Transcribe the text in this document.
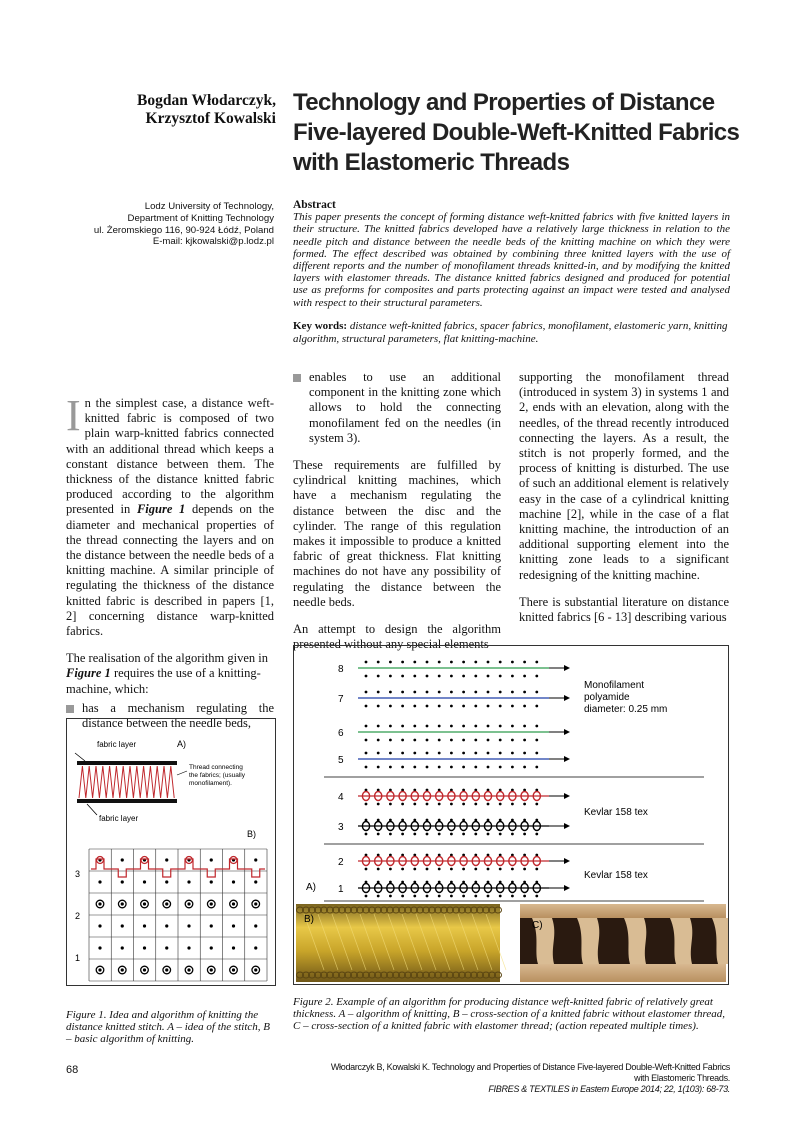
Bogdan Włodarczyk,
Krzysztof Kowalski
Technology and Properties of Distance
Five-layered Double-Weft-Knitted Fabrics
with Elastomeric Threads
Lodz University of Technology,
Department of Knitting Technology
ul. Żeromskiego 116, 90-924 Łódź, Poland
E-mail: kjkowalski@p.lodz.pl
Abstract
This paper presents the concept of forming distance weft-knitted fabrics with five knitted layers in their structure. The knitted fabrics developed have a relatively large thickness in relation to the needle pitch and distance between the needle beds of the knitting machine on which they were formed. The effect described was obtained by combining three knitted layers with the use of different reports and the number of monofilament threads knitted-in, and by modifying the knitted layers with elastomer threads. The distance knitted fabrics designed and produced for potential use as preforms for composites and parts protecting against an impact were tested and analysed with respect to their structural parameters.
Key words: distance weft-knitted fabrics, spacer fabrics, monofilament, elastomeric yarn, knitting algorithm, structural parameters, flat knitting-machine.

In the simplest case, a distance weft-knitted fabric is composed of two plain warp-knitted fabrics connected with an additional thread which keeps a constant distance between them. The thickness of the distance knitted fabric produced according to the algorithm presented in Figure 1 depends on the diameter and mechanical properties of the thread connecting the layers and on the distance between the needle beds of a knitting machine. A similar principle of regulating the thickness of the distance knitted fabric is described in papers [1, 2] concerning distance warp-knitted fabrics.

The realisation of the algorithm given in Figure 1 requires the use of a knitting-machine, which:

has a mechanism regulating the distance between the needle beds,
enables to use an additional component in the knitting zone which allows to hold the connecting monofilament fed on the needles (in system 3).

These requirements are fulfilled by cylindrical knitting machines, which have a mechanism regulating the distance between the disc and the cylinder. The range of this regulation makes it impossible to produce a knitted fabric of great thickness. Flat knitting machines do not have any possibility of regulating the distance between the needle beds.

An attempt to design the algorithm presented without any special elements

supporting the monofilament thread (introduced in system 3) in systems 1 and 2, ends with an elevation, along with the needles, of the thread recently introduced connecting the layers. As a result, the stitch is not properly formed, and the process of knitting is disturbed. The use of such an additional element is relatively easy in the case of a cylindrical knitting machine [2], while in the case of a flat knitting machine, the introduction of an additional supporting element into the knitting zone leads to a significant redesigning of the knitting machine.

There is substantial literature on distance knitted fabrics [6 - 13] describing various

fabric layer	A)
Thread connecting
the fabrics; (usually
monofilament).
fabric layer
B)
3
2
1
Figure 1. Idea and algorithm of knitting the distance knitted stitch. A – idea of the stitch, B – basic algorithm of knitting.
8
7
6
5
4
3
2
1
Monofilament
polyamide
diameter: 0.25 mm
Kevlar 158 tex
Kevlar 158 tex
A)
B)
C)
Figure 2. Example of an algorithm for producing distance weft-knitted fabric of relatively great thickness. A – algorithm of knitting, B – cross-section of a knitted fabric without elastomer thread, C – cross-section of a knitted fabric with elastomer thread; (action repeated multiple times).
68	Włodarczyk B, Kowalski K. Technology and Properties of Distance Five-layered Double-Weft-Knitted Fabrics with Elastomeric Threads.
FIBRES & TEXTILES in Eastern Europe 2014; 22, 1(103): 68-73.
